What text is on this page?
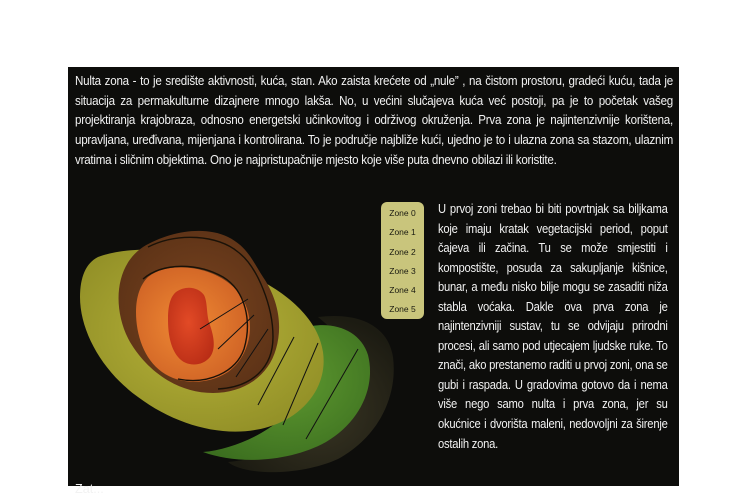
Nulta zona - to je središte aktivnosti, kuća, stan. Ako zaista krećete od „nule” , na čistom prostoru, gradeći kuću, tada je situacija za permakulturne dizajnere mnogo lakša. No, u većini slučajeva kuća već postoji, pa je to početak vašeg projektiranja krajobraza, odnosno energetski učinkovitog i održivog okruženja. Prva zona je najintenzivnije korištena, upravljana, uređivana, mijenjana i kontrolirana. To je područje najbliže kući, ujedno je to i ulazna zona sa stazom, ulaznim vratima i sličnim objektima. Ono je najpristupačnije mjesto koje više puta dnevno obilazi ili koristite.

Zone 0
Zone 1
Zone 2
Zone 3
Zone 4
Zone 5

U prvoj zoni trebao bi biti povrtnjak sa biljkama koje imaju kratak vegetacijski period, poput čajeva ili začina. Tu se može smjestiti i kompostište, posuda za sakupljanje kišnice, bunar, a među nisko bilje mogu se zasaditi niža stabla voćaka. Dakle ova prva zona je najintenzivniji sustav, tu se odvijaju prirodni procesi, ali samo pod utjecajem ljudske ruke. To znači, ako prestanemo raditi u prvoj zoni, ona se gubi i raspada. U gradovima gotovo da i nema više nego samo nulta i prva zona, jer su okućnice i dvorišta maleni, nedovoljni za širenje ostalih zona.

Zat...
